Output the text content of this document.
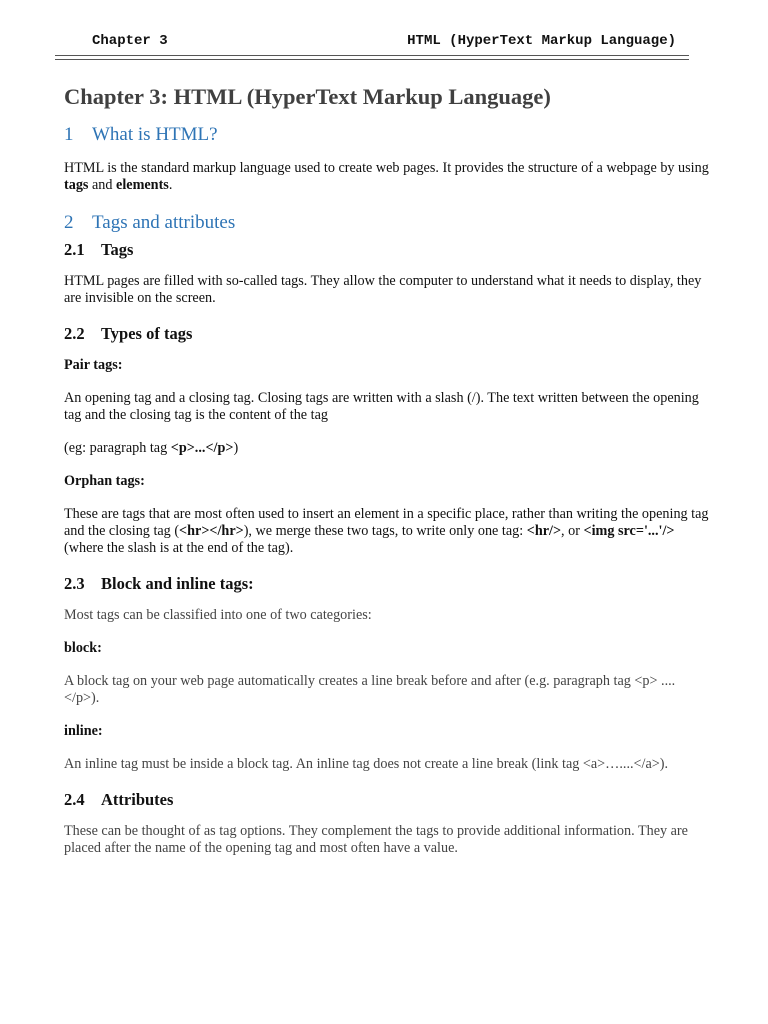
Chapter 3	HTML (HyperText Markup Language)
Chapter 3: HTML (HyperText Markup Language)
1 What is HTML?

HTML is the standard markup language used to create web pages. It provides the structure of a webpage by using tags and elements.

2 Tags and attributes
2.1 Tags

HTML pages are filled with so-called tags. They allow the computer to understand what it needs to display, they are invisible on the screen.

2.2 Types of tags

Pair tags:

An opening tag and a closing tag. Closing tags are written with a slash (/). The text written between the opening tag and the closing tag is the content of the tag

(eg: paragraph tag <p>...</p>)

Orphan tags:

These are tags that are most often used to insert an element in a specific place, rather than writing the opening tag and the closing tag (<hr></hr>), we merge these two tags, to write only one tag: <hr/>, or <img src='...'/> (where the slash is at the end of the tag).

2.3 Block and inline tags:

Most tags can be classified into one of two categories:

block:

A block tag on your web page automatically creates a line break before and after (e.g. paragraph tag <p> ....</p>).

inline:

An inline tag must be inside a block tag. An inline tag does not create a line break (link tag <a>…....</a>).

2.4 Attributes

These can be thought of as tag options. They complement the tags to provide additional information. They are placed after the name of the opening tag and most often have a value.
